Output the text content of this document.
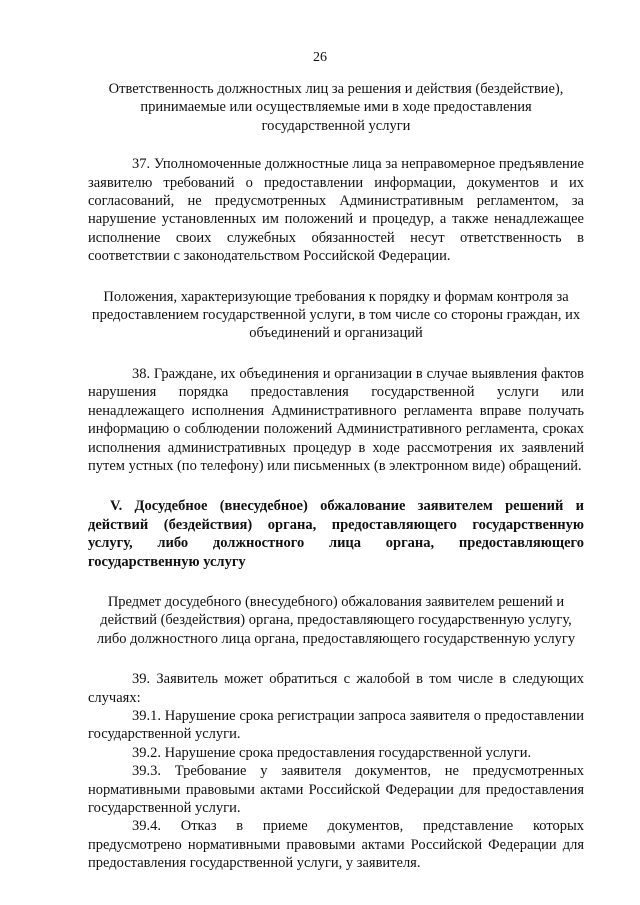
26

Ответственность должностных лиц за решения и действия (бездействие), принимаемые или осуществляемые ими в ходе предоставления государственной услуги

37. Уполномоченные должностные лица за неправомерное предъявление заявителю требований о предоставлении информации, документов и их согласований, не предусмотренных Административным регламентом, за нарушение установленных им положений и процедур, а также ненадлежащее исполнение своих служебных обязанностей несут ответственность в соответствии с законодательством Российской Федерации.

Положения, характеризующие требования к порядку и формам контроля за предоставлением государственной услуги, в том числе со стороны граждан, их объединений и организаций

38. Граждане, их объединения и организации в случае выявления фактов нарушения порядка предоставления государственной услуги или ненадлежащего исполнения Административного регламента вправе получать информацию о соблюдении положений Административного регламента, сроках исполнения административных процедур в ходе рассмотрения их заявлений путем устных (по телефону) или письменных (в электронном виде) обращений.

V. Досудебное (внесудебное) обжалование заявителем решений и действий (бездействия) органа, предоставляющего государственную услугу, либо должностного лица органа, предоставляющего государственную услугу

Предмет досудебного (внесудебного) обжалования заявителем решений и действий (бездействия) органа, предоставляющего государственную услугу, либо должностного лица органа, предоставляющего государственную услугу

39. Заявитель может обратиться с жалобой в том числе в следующих случаях:

39.1. Нарушение срока регистрации запроса заявителя о предоставлении государственной услуги.

39.2. Нарушение срока предоставления государственной услуги.

39.3. Требование у заявителя документов, не предусмотренных нормативными правовыми актами Российской Федерации для предоставления государственной услуги.

39.4. Отказ в приеме документов, представление которых предусмотрено нормативными правовыми актами Российской Федерации для предоставления государственной услуги, у заявителя.
